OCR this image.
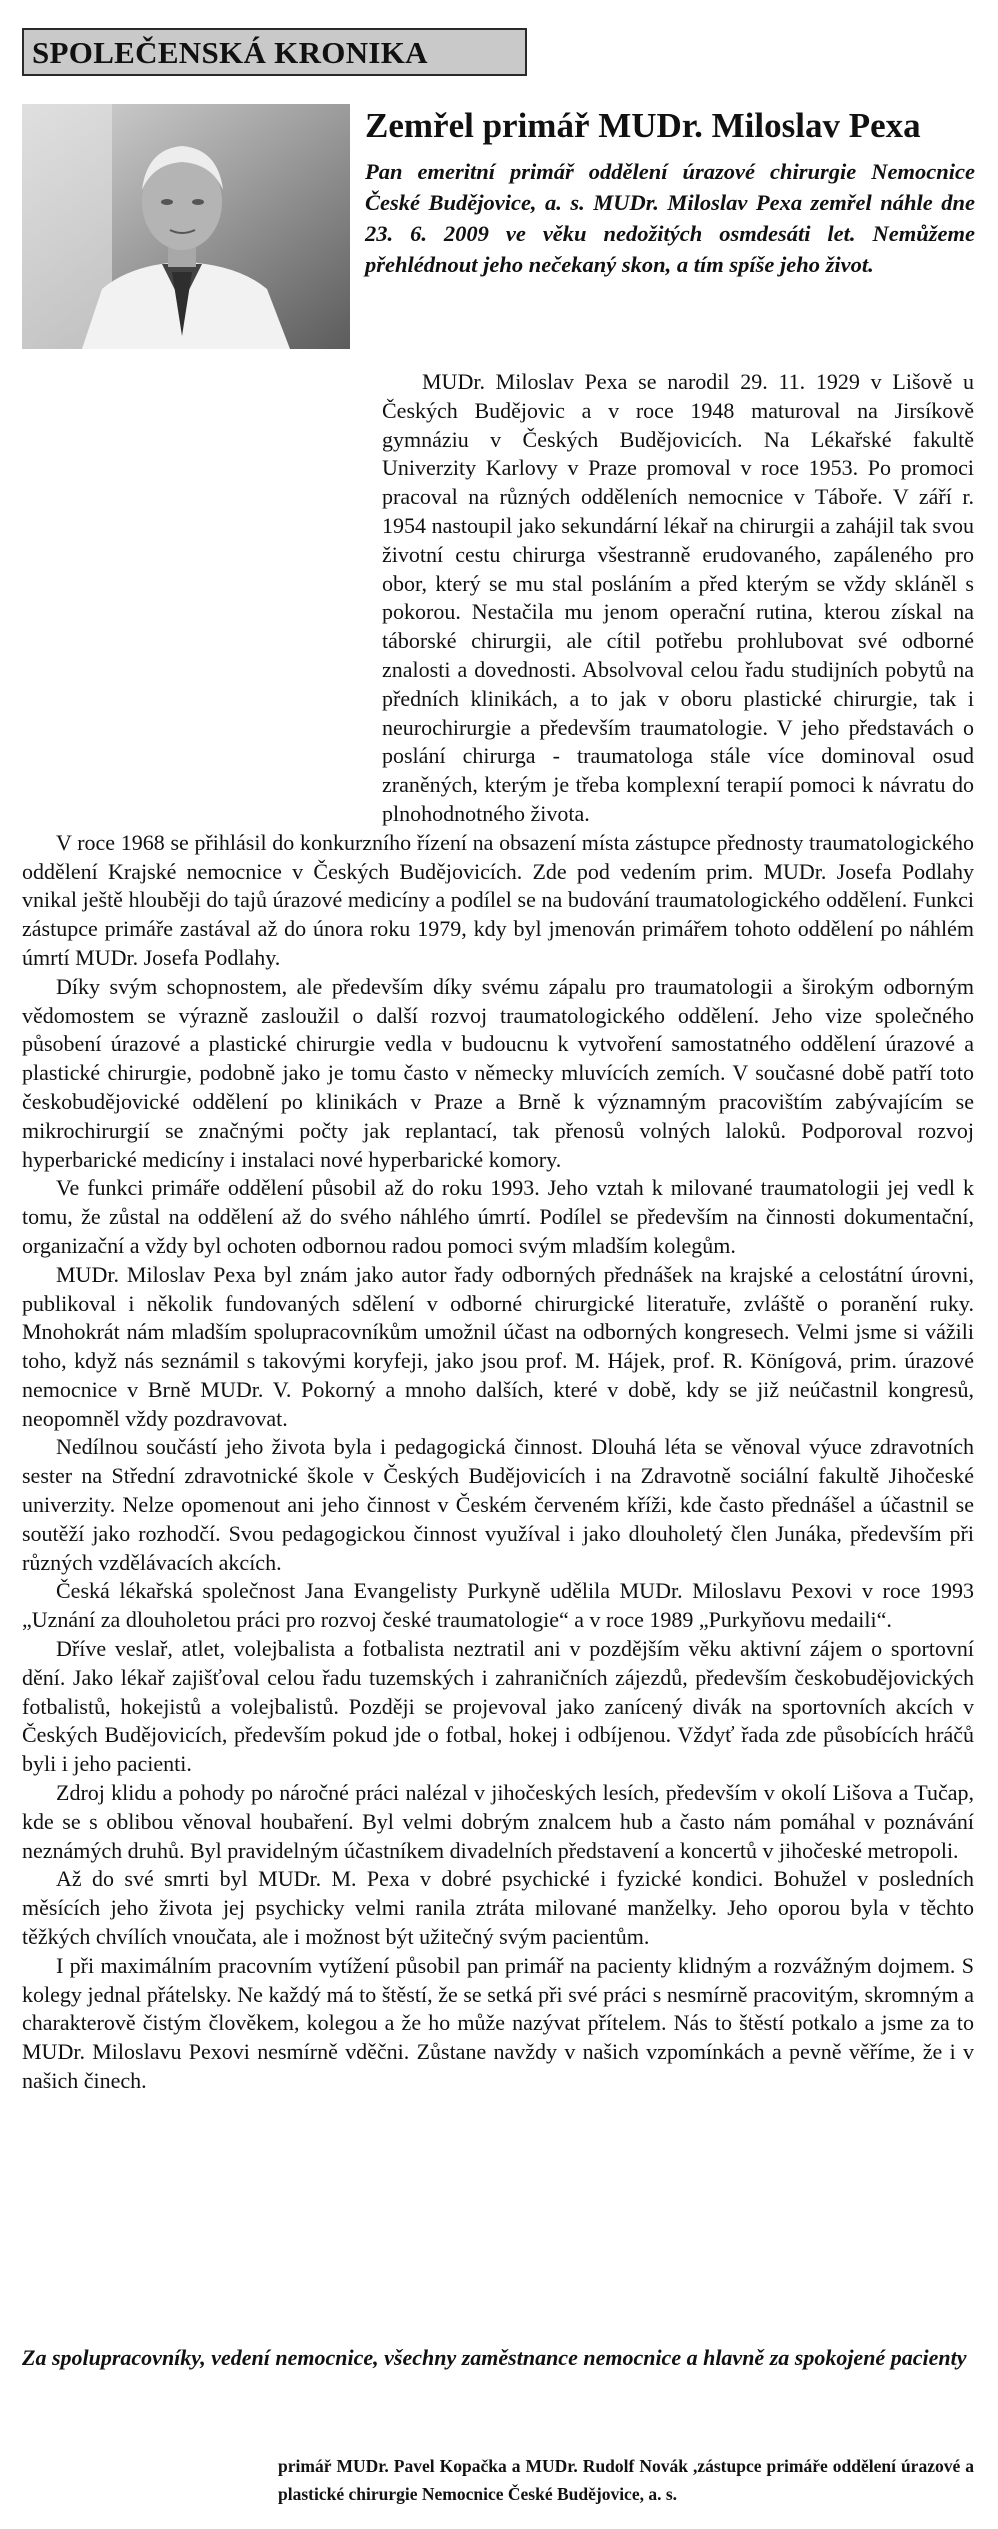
SPOLEČENSKÁ KRONIKA
Zemřel primář MUDr. Miloslav Pexa
Pan emeritní primář oddělení úrazové chirurgie Nemocnice České Budějovice, a. s. MUDr. Miloslav Pexa zemřel náhle dne 23. 6. 2009 ve věku nedožitých osmdesáti let. Nemůžeme přehlédnout jeho nečekaný skon, a tím spíše jeho život.

MUDr. Miloslav Pexa se narodil 29. 11. 1929 v Lišově u Českých Budějovic a v roce 1948 maturoval na Jirsíkově gymnáziu v Českých Budějovicích. Na Lékařské fakultě Univerzity Karlovy v Praze promoval v roce 1953. Po promoci pracoval na různých odděleních nemocnice v Táboře. V září r. 1954 nastoupil jako sekundární lékař na chirurgii a zahájil tak svou životní cestu chirurga všestranně erudovaného, zapáleného pro obor, který se mu stal posláním a před kterým se vždy skláněl s pokorou. Nestačila mu jenom operační rutina, kterou získal na táborské chirurgii, ale cítil potřebu prohlubovat své odborné znalosti a dovednosti. Absolvoval celou řadu studijních pobytů na předních klinikách, a to jak v oboru plastické chirurgie, tak i neurochirurgie a především traumatologie. V jeho představách o poslání chirurga - traumatologa stále více dominoval osud zraněných, kterým je třeba komplexní terapií pomoci k návratu do plnohodnotného života.

V roce 1968 se přihlásil do konkurzního řízení na obsazení místa zástupce přednosty traumatologického oddělení Krajské nemocnice v Českých Budějovicích. Zde pod vedením prim. MUDr. Josefa Podlahy vnikal ještě hlouběji do tajů úrazové medicíny a podílel se na budování traumatologického oddělení. Funkci zástupce primáře zastával až do února roku 1979, kdy byl jmenován primářem tohoto oddělení po náhlém úmrtí MUDr. Josefa Podlahy.

Díky svým schopnostem, ale především díky svému zápalu pro traumatologii a širokým odborným vědomostem se výrazně zasloužil o další rozvoj traumatologického oddělení. Jeho vize společného působení úrazové a plastické chirurgie vedla v budoucnu k vytvoření samostatného oddělení úrazové a plastické chirurgie, podobně jako je tomu často v německy mluvících zemích. V současné době patří toto českobudějovické oddělení po klinikách v Praze a Brně k významným pracovištím zabývajícím se mikrochirurgií se značnými počty jak replantací, tak přenosů volných laloků. Podporoval rozvoj hyperbarické medicíny i instalaci nové hyperbarické komory.

Ve funkci primáře oddělení působil až do roku 1993. Jeho vztah k milované traumatologii jej vedl k tomu, že zůstal na oddělení až do svého náhlého úmrtí. Podílel se především na činnosti dokumentační, organizační a vždy byl ochoten odbornou radou pomoci svým mladším kolegům.

MUDr. Miloslav Pexa byl znám jako autor řady odborných přednášek na krajské a celostátní úrovni, publikoval i několik fundovaných sdělení v odborné chirurgické literatuře, zvláště o poranění ruky. Mnohokrát nám mladším spolupracovníkům umožnil účast na odborných kongresech. Velmi jsme si vážili toho, když nás seznámil s takovými koryfeji, jako jsou prof. M. Hájek, prof. R. Könígová, prim. úrazové nemocnice v Brně MUDr. V. Pokorný a mnoho dalších, které v době, kdy se již neúčastnil kongresů, neopomněl vždy pozdravovat.

Nedílnou součástí jeho života byla i pedagogická činnost. Dlouhá léta se věnoval výuce zdravotních sester na Střední zdravotnické škole v Českých Budějovicích i na Zdravotně sociální fakultě Jihočeské univerzity. Nelze opomenout ani jeho činnost v Českém červeném kříži, kde často přednášel a účastnil se soutěží jako rozhodčí. Svou pedagogickou činnost využíval i jako dlouholetý člen Junáka, především při různých vzdělávacích akcích.

Česká lékařská společnost Jana Evangelisty Purkyně udělila MUDr. Miloslavu Pexovi v roce 1993 „Uznání za dlouholetou práci pro rozvoj české traumatologie“ a v roce 1989 „Purkyňovu medaili“.

Dříve veslař, atlet, volejbalista a fotbalista neztratil ani v pozdějším věku aktivní zájem o sportovní dění. Jako lékař zajišťoval celou řadu tuzemských i zahraničních zájezdů, především českobudějovických fotbalistů, hokejistů a volejbalistů. Později se projevoval jako zanícený divák na sportovních akcích v Českých Budějovicích, především pokud jde o fotbal, hokej i odbíjenou. Vždyť řada zde působících hráčů byli i jeho pacienti.

Zdroj klidu a pohody po náročné práci nalézal v jihočeských lesích, především v okolí Lišova a Tučap, kde se s oblibou věnoval houbaření. Byl velmi dobrým znalcem hub a často nám pomáhal v poznávání neznámých druhů. Byl pravidelným účastníkem divadelních představení a koncertů v jihočeské metropoli.

Až do své smrti byl MUDr. M. Pexa v dobré psychické i fyzické kondici. Bohužel v posledních měsících jeho života jej psychicky velmi ranila ztráta milované manželky. Jeho oporou byla v těchto těžkých chvílích vnoučata, ale i možnost být užitečný svým pacientům.

I při maximálním pracovním vytížení působil pan primář na pacienty klidným a rozvážným dojmem. S kolegy jednal přátelsky. Ne každý má to štěstí, že se setká při své práci s nesmírně pracovitým, skromným a charakterově čistým člověkem, kolegou a že ho může nazývat přítelem. Nás to štěstí potkalo a jsme za to MUDr. Miloslavu Pexovi nesmírně vděčni. Zůstane navždy v našich vzpomínkách a pevně věříme, že i v našich činech.

Za spolupracovníky, vedení nemocnice, všechny zaměstnance nemocnice a hlavně za spokojené pacienty
primář MUDr. Pavel Kopačka a MUDr. Rudolf Novák ,zástupce primáře oddělení úrazové a plastické chirurgie Nemocnice České Budějovice, a. s.
